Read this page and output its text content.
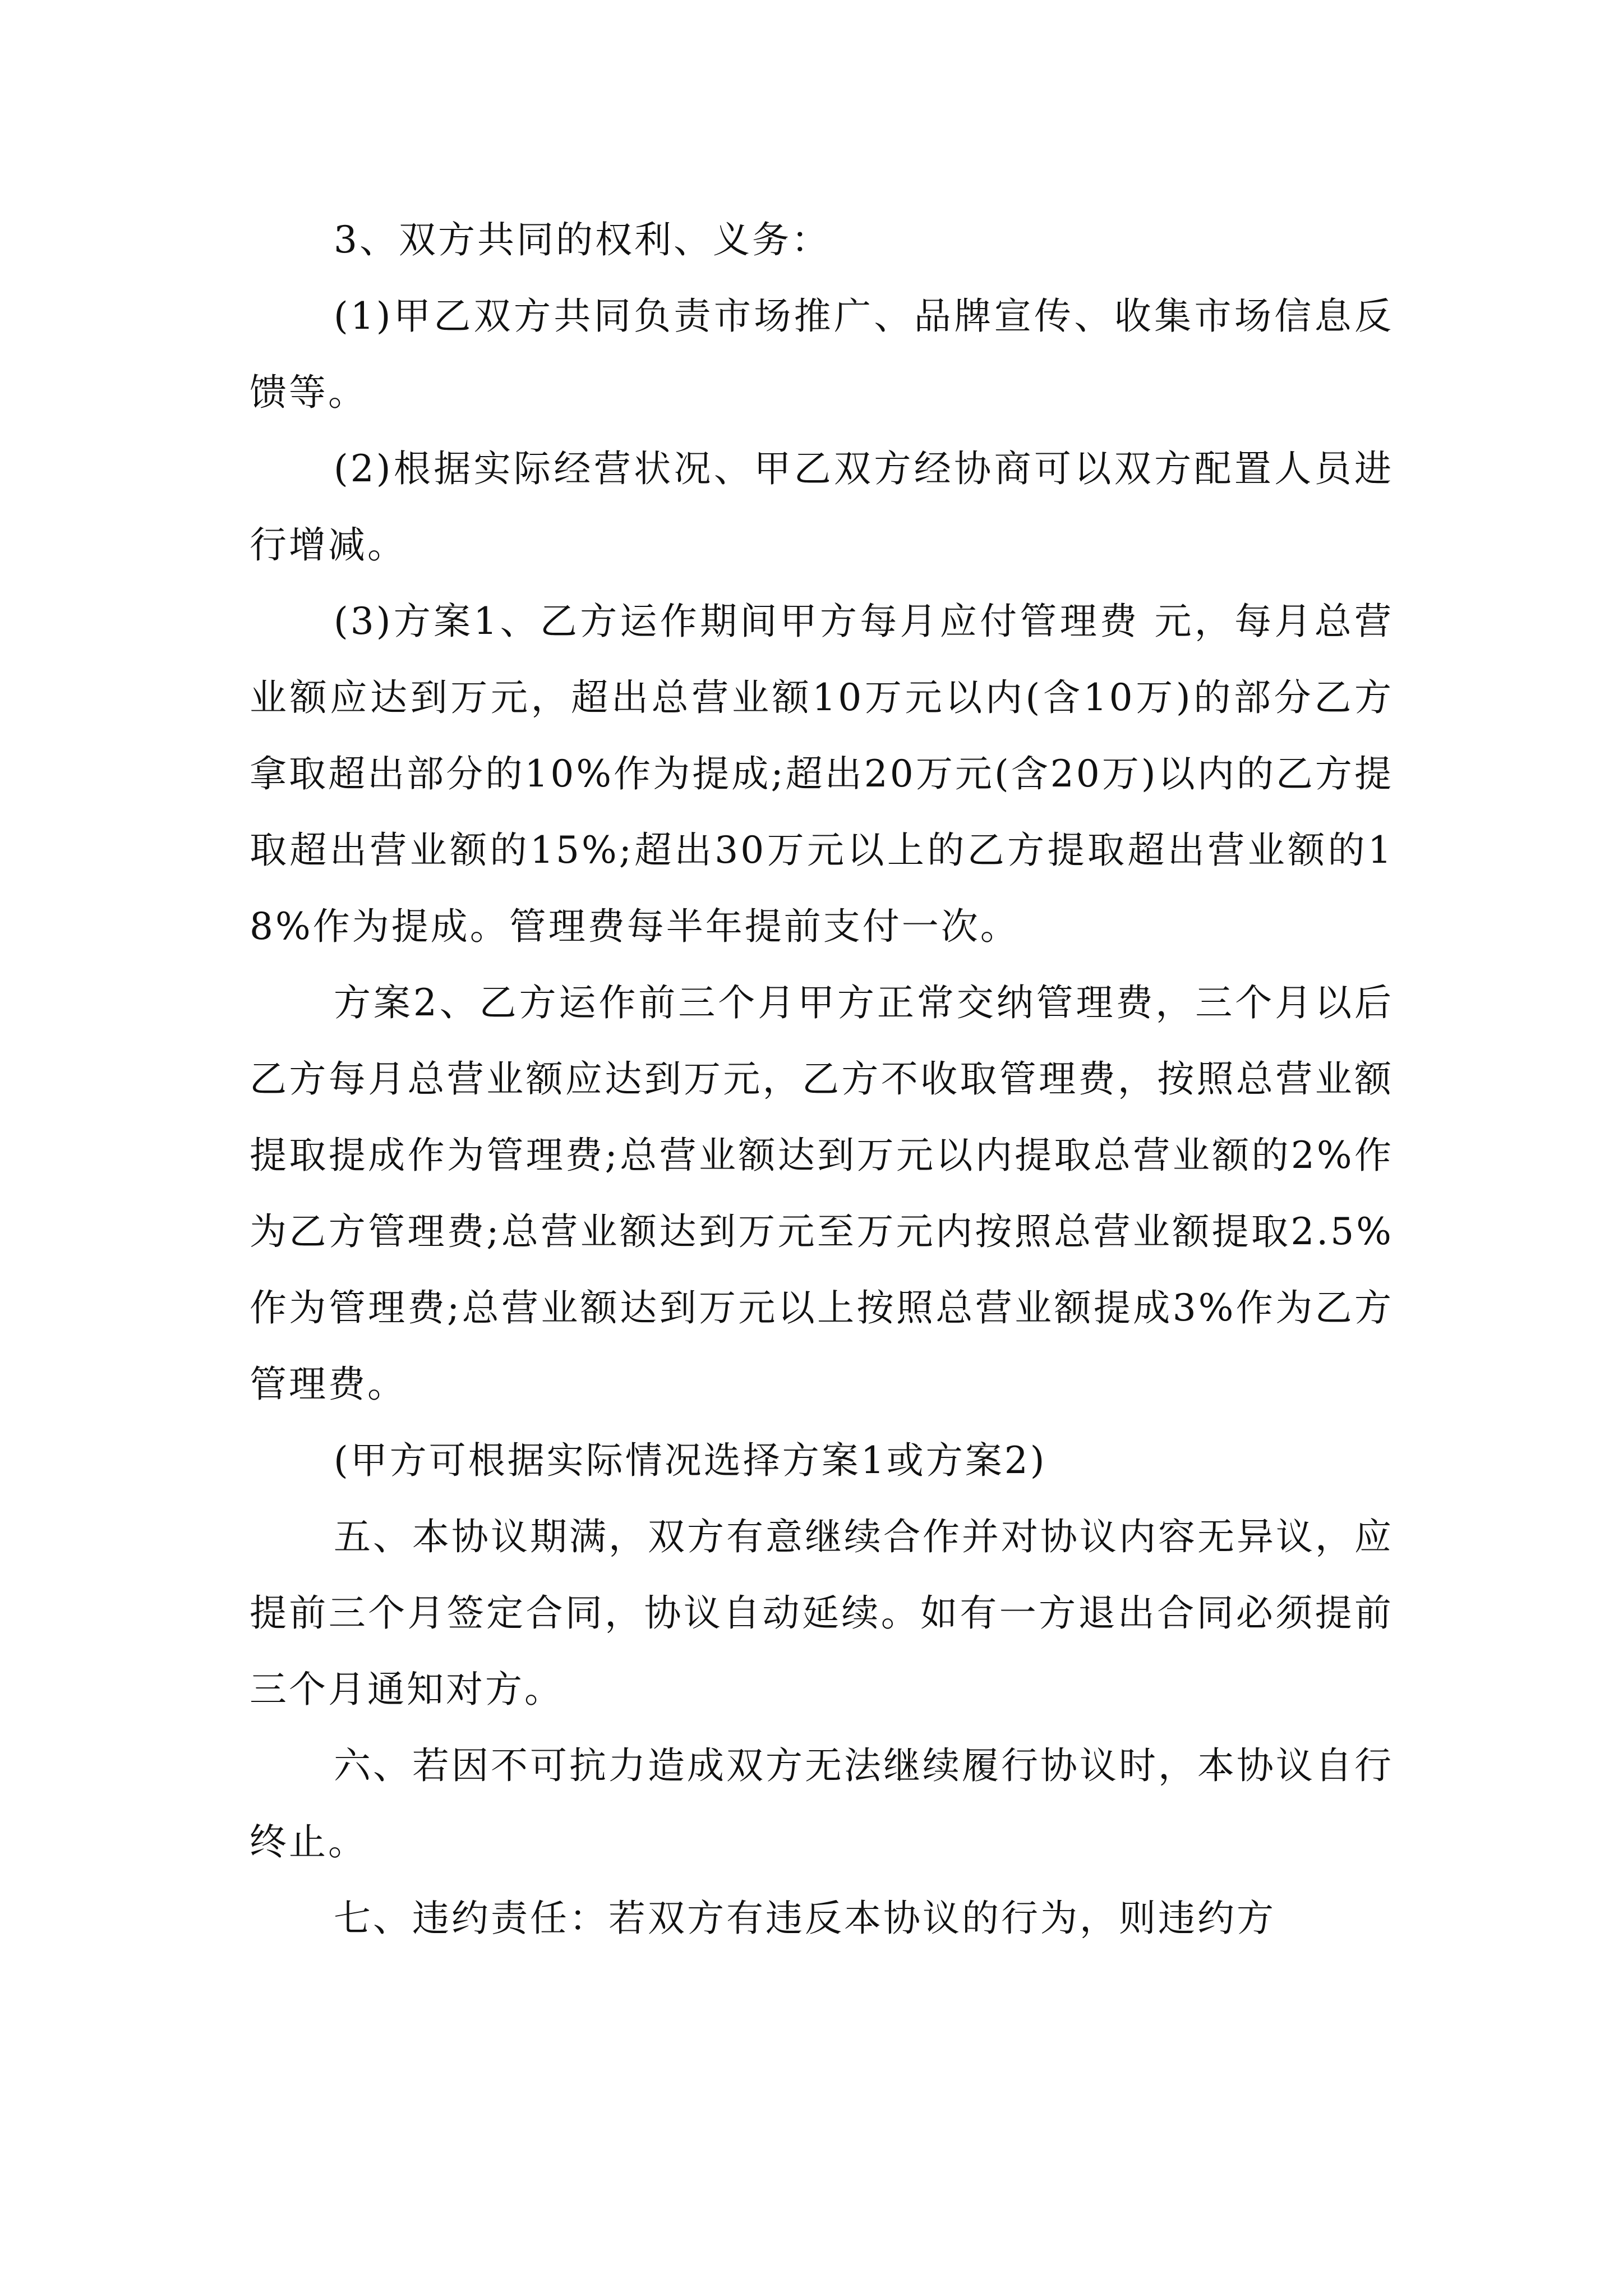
3、双方共同的权利、义务：

(1)甲乙双方共同负责市场推广、品牌宣传、收集市场信息反馈等。

(2)根据实际经营状况、甲乙双方经协商可以双方配置人员进行增减。

(3)方案1、乙方运作期间甲方每月应付管理费 元，每月总营业额应达到万元，超出总营业额10万元以内(含10万)的部分乙方拿取超出部分的10%作为提成;超出20万元(含20万)以内的乙方提取超出营业额的15%;超出30万元以上的乙方提取超出营业额的18%作为提成。管理费每半年提前支付一次。

方案2、乙方运作前三个月甲方正常交纳管理费，三个月以后乙方每月总营业额应达到万元，乙方不收取管理费，按照总营业额提取提成作为管理费;总营业额达到万元以内提取总营业额的2%作为乙方管理费;总营业额达到万元至万元内按照总营业额提取2.5%作为管理费;总营业额达到万元以上按照总营业额提成3%作为乙方管理费。

(甲方可根据实际情况选择方案1或方案2)

五、本协议期满，双方有意继续合作并对协议内容无异议，应提前三个月签定合同，协议自动延续。如有一方退出合同必须提前三个月通知对方。

六、若因不可抗力造成双方无法继续履行协议时，本协议自行终止。

七、违约责任：若双方有违反本协议的行为，则违约方
